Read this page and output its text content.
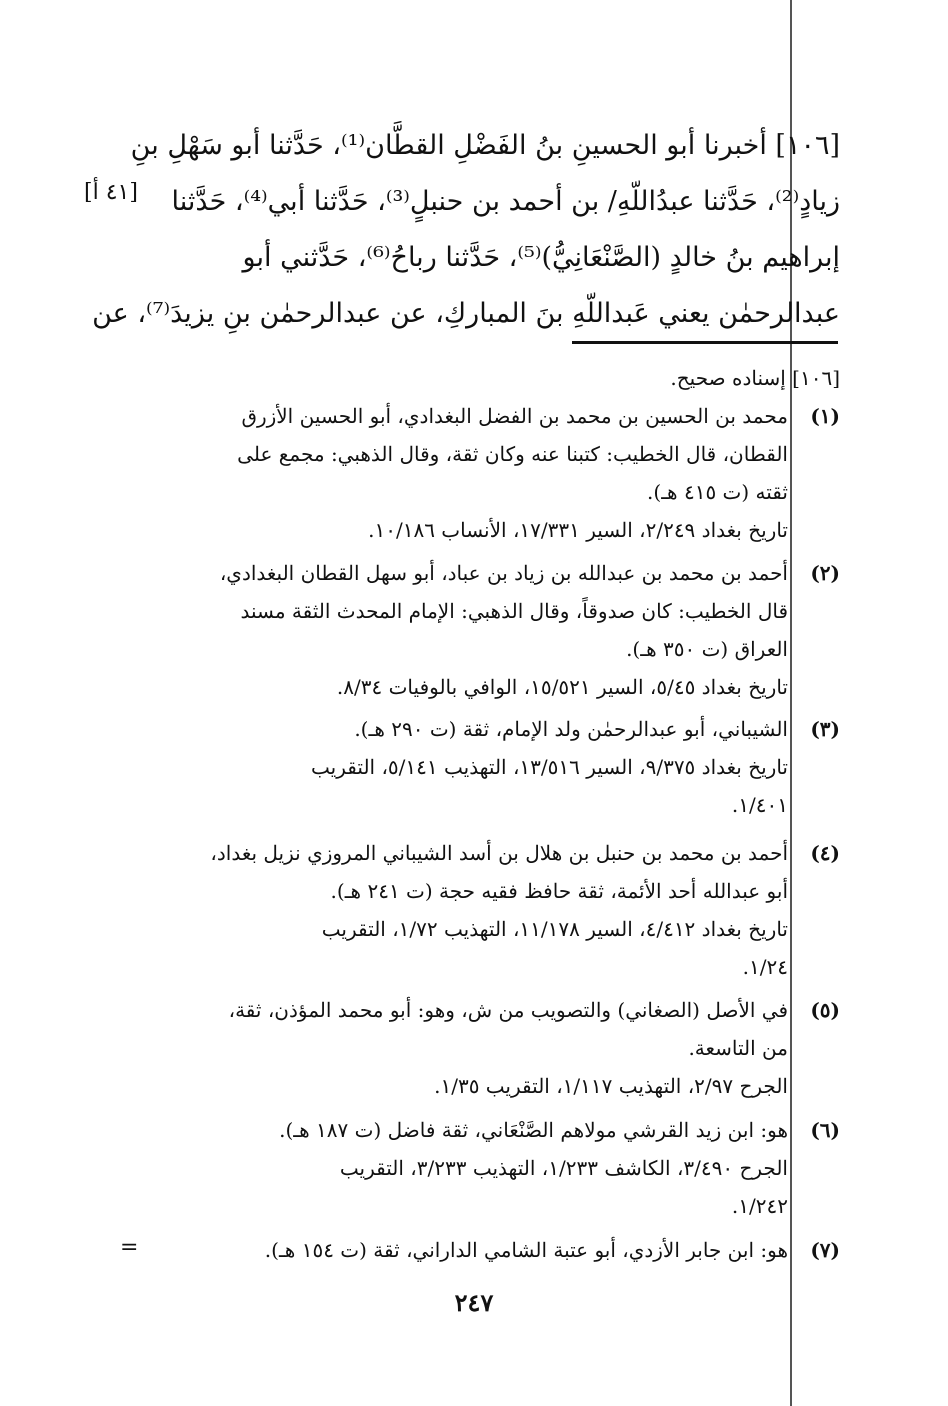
[١٠٦] أخبرنا أبو الحسينِ بنُ الفَضْلِ القطَّان⁽¹⁾، حَدَّثنا أبو سَهْلِ بنِ
زيادٍ⁽²⁾، حَدَّثنا عبدُاللّهِ/ بن أحمد بن حنبلٍ⁽³⁾، حَدَّثنا أبي⁽⁴⁾، حَدَّثنا
إبراهيم بنُ خالدٍ (الصَّنْعَانِيُّ)⁽⁵⁾، حَدَّثنا رباحُ⁽⁶⁾، حَدَّثني أبو
عبدالرحمٰن يعني عَبداللّهِ بنَ المباركِ، عن عبدالرحمٰن بنِ يزيدَ⁽⁷⁾، عن
[٤١ أ]
[١٠٦] إسناده صحيح.
(١)
محمد بن الحسين بن محمد بن الفضل البغدادي، أبو الحسين الأزرق
القطان، قال الخطيب: كتبنا عنه وكان ثقة، وقال الذهبي: مجمع على
ثقته (ت ٤١٥ هـ).
تاريخ بغداد ٢/٢٤٩، السير ١٧/٣٣١، الأنساب ١٠/١٨٦.
(٢)
أحمد بن محمد بن عبدالله بن زياد بن عباد، أبو سهل القطان البغدادي،
قال الخطيب: كان صدوقاً، وقال الذهبي: الإمام المحدث الثقة مسند
العراق (ت ٣٥٠ هـ).
تاريخ بغداد ٥/٤٥، السير ١٥/٥٢١، الوافي بالوفيات ٨/٣٤.
(٣)
الشيباني، أبو عبدالرحمٰن ولد الإمام، ثقة (ت ٢٩٠ هـ).
تاريخ بغداد ٩/٣٧٥، السير ١٣/٥١٦، التهذيب ٥/١٤١، التقريب
١/٤٠١.
(٤)
أحمد بن محمد بن حنبل بن هلال بن أسد الشيباني المروزي نزيل بغداد،
أبو عبدالله أحد الأئمة، ثقة حافظ فقيه حجة (ت ٢٤١ هـ).
تاريخ بغداد ٤/٤١٢، السير ١١/١٧٨، التهذيب ١/٧٢، التقريب
١/٢٤.
(٥)
في الأصل (الصغاني) والتصويب من ش، وهو: أبو محمد المؤذن، ثقة،
من التاسعة.
الجرح ٢/٩٧، التهذيب ١/١١٧، التقريب ١/٣٥.
(٦)
هو: ابن زيد القرشي مولاهم الصَّنْعَاني، ثقة فاضل (ت ١٨٧ هـ).
الجرح ٣/٤٩٠، الكاشف ١/٢٣٣، التهذيب ٣/٢٣٣، التقريب
١/٢٤٢.
(٧)
هو: ابن جابر الأزدي، أبو عتبة الشامي الداراني، ثقة (ت ١٥٤ هـ).
=
٢٤٧
